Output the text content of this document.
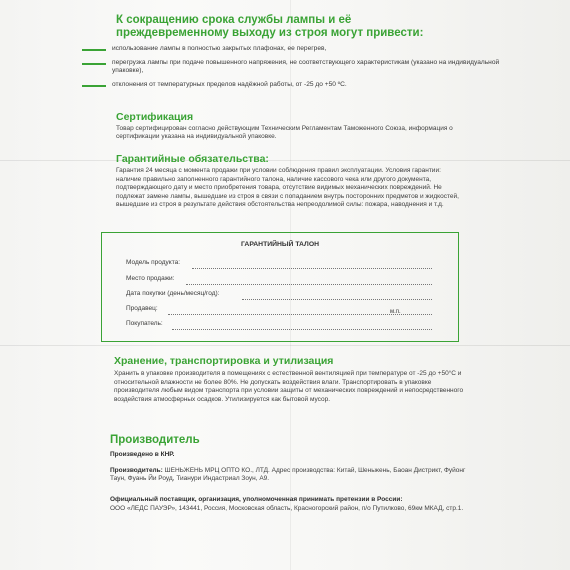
К сокращению срока службы лампы и её преждевременному выходу из строя могут привести:
использование лампы в полностью закрытых плафонах, ее перегрев,
перегрузка лампы при подаче повышенного напряжения, не соответствующего характеристикам (указано на индивидуальной упаковке),
отклонения от температурных пределов надёжной работы, от -25 до +50 ºС.
Сертификация
Товар сертифицирован согласно действующим Техническим Регламентам Таможенного Союза, информация о сертификации указана на индивидуальной упаковке.
Гарантийные обязательства:
Гарантия 24 месяца с момента продажи при условии соблюдения правил эксплуатации. Условия гарантии: наличие правильно заполненного гарантийного талона, наличие кассового чека или другого документа, подтверждающего дату и место приобретения товара, отсутствие видимых механических повреждений. Не подлежат замене лампы, вышедшие из строя в связи с попаданием внутрь посторонних предметов и жидкостей, вышедшие из строя в результате действия обстоятельства непреодолимой силы: пожара, наводнения и т.д.
ГАРАНТИЙНЫЙ ТАЛОН
Модель продукта:
Место продажи:
Дата покупки (день/месяц/год):
Продавец:	м.п.
Покупатель:
Хранение, транспортировка и утилизация
Хранить в упаковке производителя в помещениях с естественной вентиляцией при температуре от -25 до +50°С и относительной влажности не более 80%. Не допускать воздействия влаги. Транспортировать в упаковке производителя любым видом транспорта при условии защиты от механических повреждений и непосредственного воздействия атмосферных осадков. Утилизируется как бытовой мусор.
Производитель
Произведено в КНР.
Производитель: ШЕНЬЖЕНЬ МРЦ ОПТО КО., ЛТД. Адрес производства: Китай, Шеньжень, Баоан Дистрикт, Фуйонг Таун, Фуань Йи Роуд, Тианури Индастриал Зоун, А9.
Официальный поставщик, организация, уполномоченная принимать претензии в России:
ООО «ЛЕДС ПАУЭР», 143441, Россия, Московская область, Красногорский район, п/о Путилково, 69км МКАД, стр.1.
